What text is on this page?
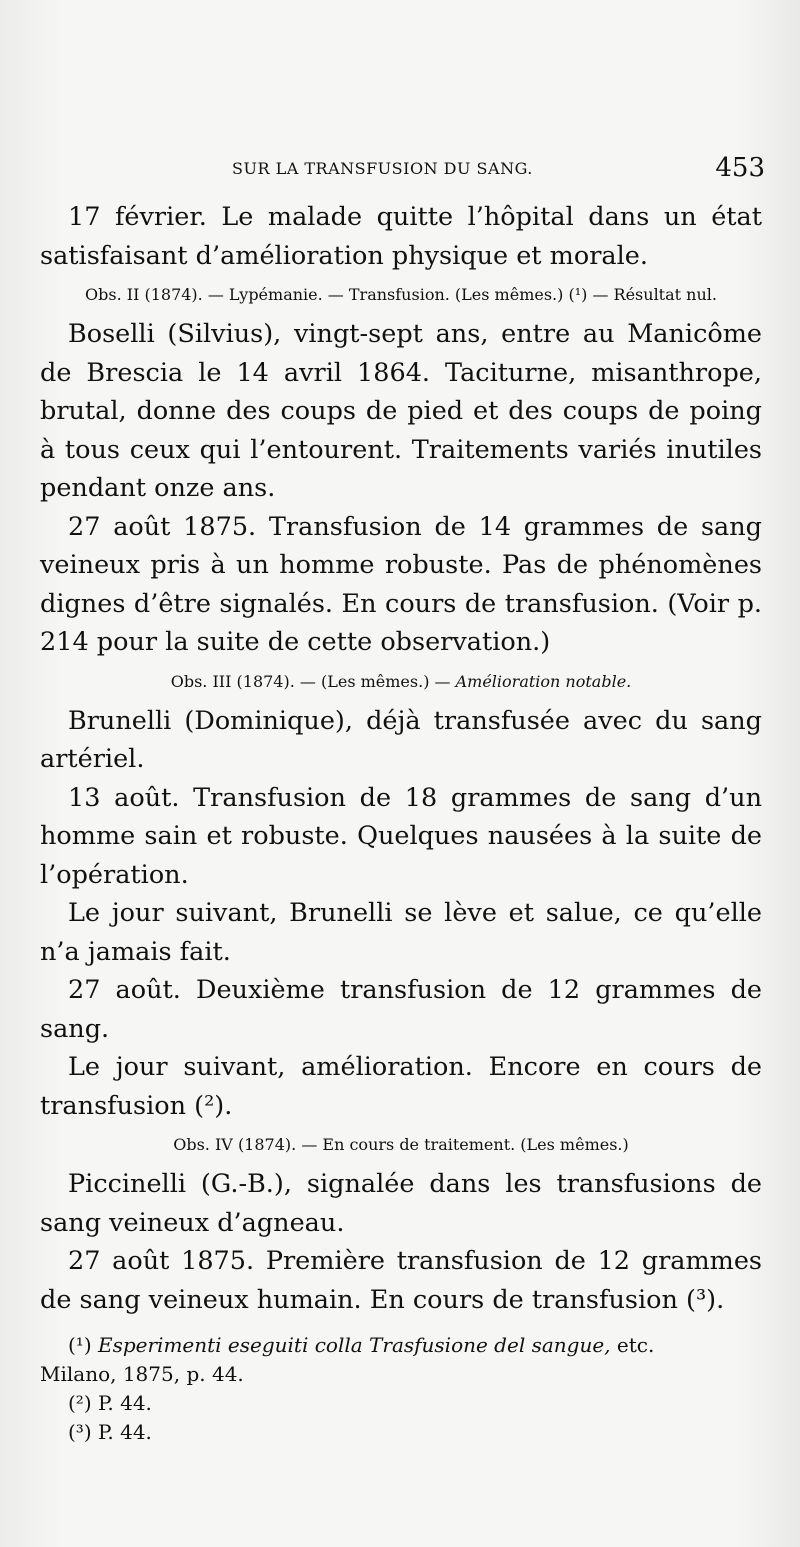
SUR LA TRANSFUSION DU SANG.	453

17 février. Le malade quitte l’hôpital dans un état satisfaisant d’amélioration physique et morale.

Obs. II (1874). — Lypémanie. — Transfusion. (Les mêmes.) (¹) — Résultat nul.

Boselli (Silvius), vingt-sept ans, entre au Manicôme de Brescia le 14 avril 1864. Taciturne, misanthrope, brutal, donne des coups de pied et des coups de poing à tous ceux qui l’entourent. Traitements variés inutiles pendant onze ans.

27 août 1875. Transfusion de 14 grammes de sang veineux pris à un homme robuste. Pas de phénomènes dignes d’être signalés. En cours de transfusion. (Voir p. 214 pour la suite de cette observation.)

Obs. III (1874). — (Les mêmes.) — Amélioration notable.

Brunelli (Dominique), déjà transfusée avec du sang artériel.

13 août. Transfusion de 18 grammes de sang d’un homme sain et robuste. Quelques nausées à la suite de l’opération.

Le jour suivant, Brunelli se lève et salue, ce qu’elle n’a jamais fait.

27 août. Deuxième transfusion de 12 grammes de sang.

Le jour suivant, amélioration. Encore en cours de transfusion (²).

Obs. IV (1874). — En cours de traitement. (Les mêmes.)

Piccinelli (G.-B.), signalée dans les transfusions de sang veineux d’agneau.

27 août 1875. Première transfusion de 12 grammes de sang veineux humain. En cours de transfusion (³).

(¹) Esperimenti eseguiti colla Trasfusione del sangue, etc.

Milano, 1875, p. 44.

(²) P. 44.

(³) P. 44.
